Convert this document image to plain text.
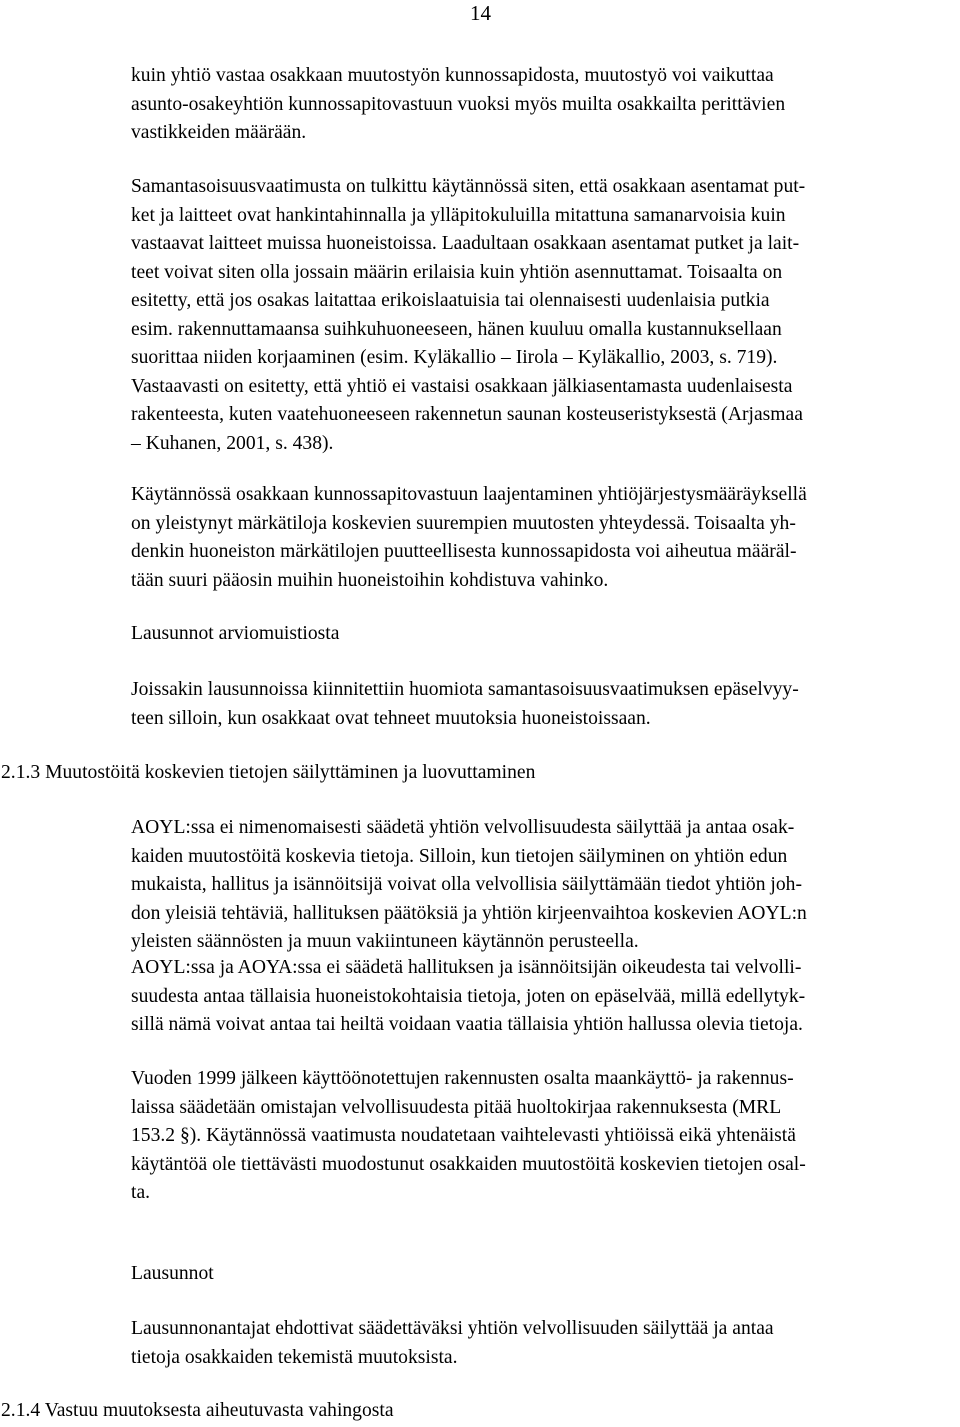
14

kuin yhtiö vastaa osakkaan muutostyön kunnossapidosta, muutostyö voi vaikuttaa
asunto-osakeyhtiön kunnossapitovastuun vuoksi myös muilta osakkailta perittävien
vastikkeiden määrään.

Samantasoisuusvaatimusta on tulkittu käytännössä siten, että osakkaan asentamat put-
ket ja laitteet ovat hankintahinnalla ja ylläpitokuluilla mitattuna samanarvoisia kuin
vastaavat laitteet muissa huoneistoissa. Laadultaan osakkaan asentamat putket ja lait-
teet voivat siten olla jossain määrin erilaisia kuin yhtiön asennuttamat. Toisaalta on
esitetty, että jos osakas laitattaa erikoislaatuisia tai olennaisesti uudenlaisia putkia
esim. rakennuttamaansa suihkuhuoneeseen, hänen kuuluu omalla kustannuksellaan
suorittaa niiden korjaaminen (esim. Kyläkallio – Iirola – Kyläkallio, 2003, s. 719).
Vastaavasti on esitetty, että yhtiö ei vastaisi osakkaan jälkiasentamasta uudenlaisesta
rakenteesta, kuten vaatehuoneeseen rakennetun saunan kosteuseristyksestä (Arjasmaa
– Kuhanen, 2001, s. 438).

Käytännössä osakkaan kunnossapitovastuun laajentaminen yhtiöjärjestysmääräyksellä
on yleistynyt märkätiloja koskevien suurempien muutosten yhteydessä. Toisaalta yh-
denkin huoneiston märkätilojen puutteellisesta kunnossapidosta voi aiheutua määräl-
tään suuri pääosin muihin huoneistoihin kohdistuva vahinko.

Lausunnot arviomuistiosta

Joissakin lausunnoissa kiinnitettiin huomiota samantasoisuusvaatimuksen epäselvyy-
teen silloin, kun osakkaat ovat tehneet muutoksia huoneistoissaan.

2.1.3 Muutostöitä koskevien tietojen säilyttäminen ja luovuttaminen

AOYL:ssa ei nimenomaisesti säädetä yhtiön velvollisuudesta säilyttää ja antaa osak-
kaiden muutostöitä koskevia tietoja. Silloin, kun tietojen säilyminen on yhtiön edun
mukaista, hallitus ja isännöitsijä voivat olla velvollisia säilyttämään tiedot yhtiön joh-
don yleisiä tehtäviä, hallituksen päätöksiä ja yhtiön kirjeenvaihtoa koskevien AOYL:n
yleisten säännösten ja muun vakiintuneen käytännön perusteella.

AOYL:ssa ja AOYA:ssa ei säädetä hallituksen ja isännöitsijän oikeudesta tai velvolli-
suudesta antaa tällaisia huoneistokohtaisia tietoja, joten on epäselvää, millä edellytyk-
sillä nämä voivat antaa tai heiltä voidaan vaatia tällaisia yhtiön hallussa olevia tietoja.

Vuoden 1999 jälkeen käyttöönotettujen rakennusten osalta maankäyttö- ja rakennus-
laissa säädetään omistajan velvollisuudesta pitää huoltokirjaa rakennuksesta (MRL
153.2 §). Käytännössä vaatimusta noudatetaan vaihtelevasti yhtiöissä eikä yhtenäistä
käytäntöä ole tiettävästi muodostunut osakkaiden muutostöitä koskevien tietojen osal-
ta.

Lausunnot

Lausunnonantajat ehdottivat säädettäväksi yhtiön velvollisuuden säilyttää ja antaa
tietoja osakkaiden tekemistä muutoksista.

2.1.4 Vastuu muutoksesta aiheutuvasta vahingosta
